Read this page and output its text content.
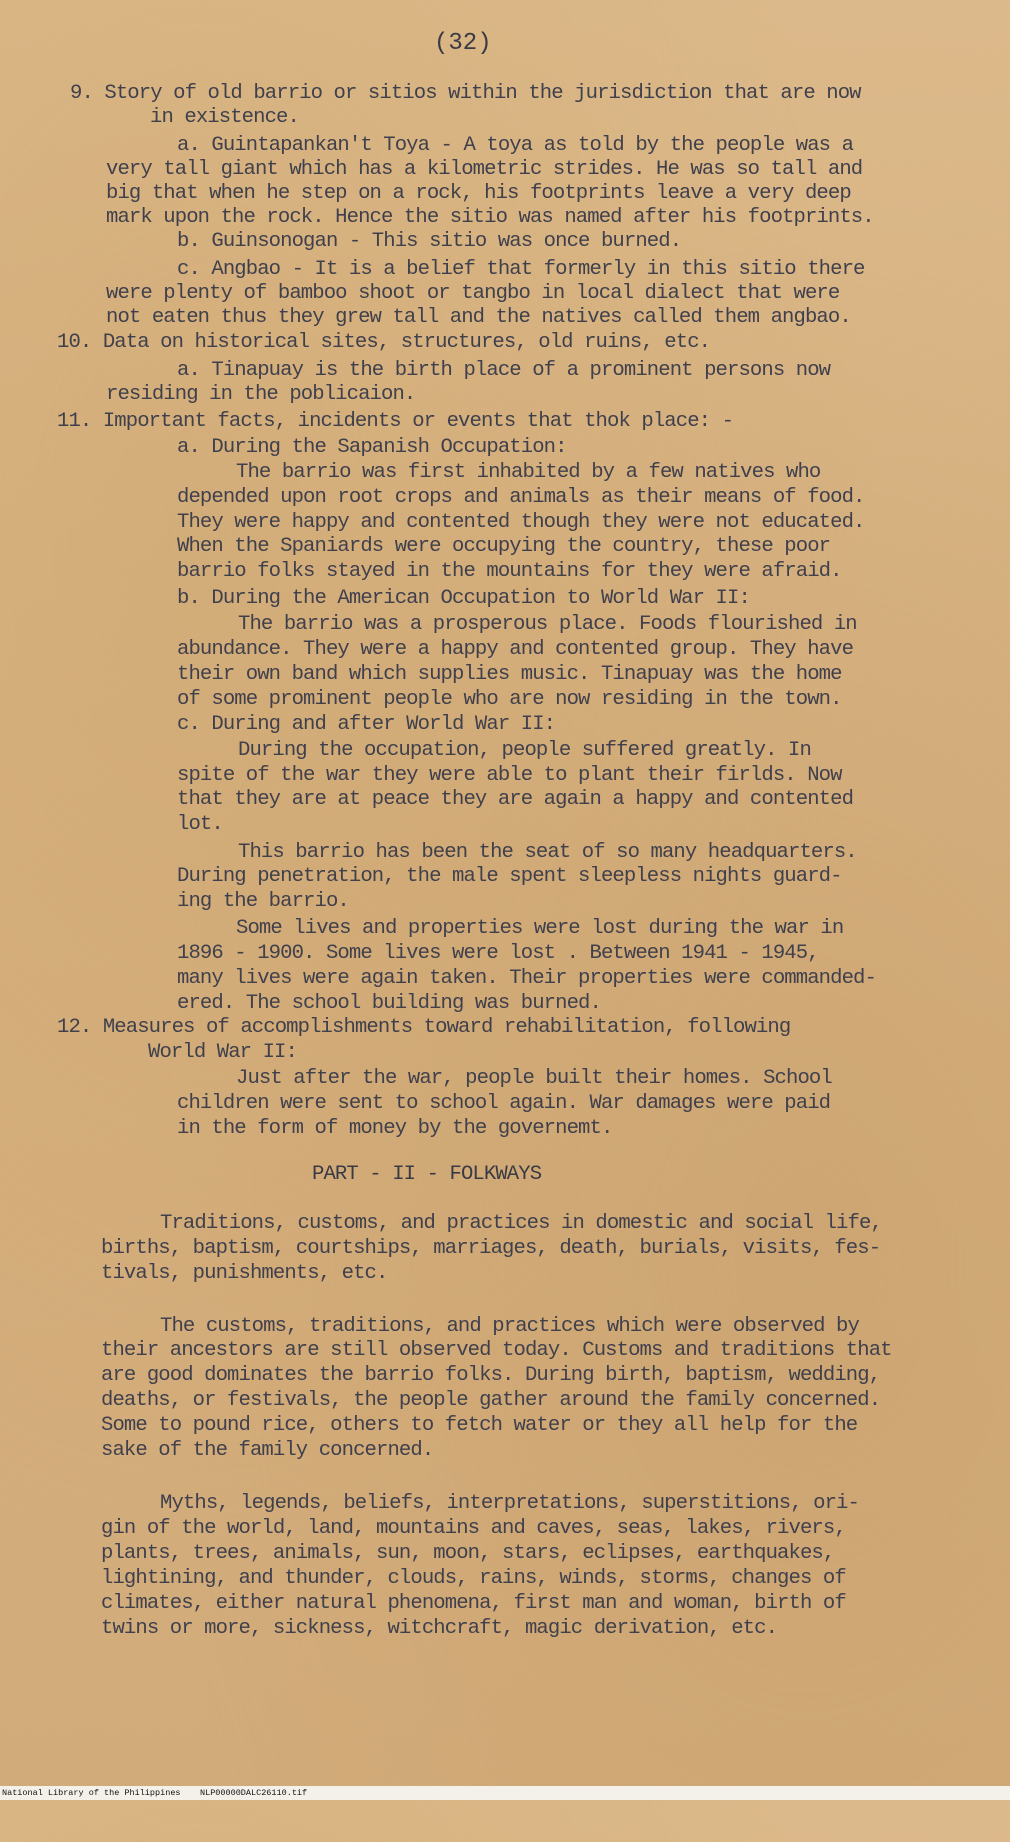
(32)
9. Story of old barrio or sitios within the jurisdiction that are now
in existence.
a. Guintapankan't Toya - A toya as told by the people was a
very tall giant which has a kilometric strides. He was so tall and
big that when he step on a rock, his footprints leave a very deep
mark upon the rock. Hence the sitio was named after his footprints.
b. Guinsonogan - This sitio was once burned.
c. Angbao - It is a belief that formerly in this sitio there
were plenty of bamboo shoot or tangbo in local dialect that were
not eaten thus they grew tall and the natives called them angbao.
10. Data on historical sites, structures, old ruins, etc.
a. Tinapuay is the birth place of a prominent persons now
residing in the poblicaion.
11. Important facts, incidents or events that thok place: -
a. During the Sapanish Occupation:
The barrio was first inhabited by a few natives who
depended upon root crops and animals as their means of food.
They were happy and contented though they were not educated.
When the Spaniards were occupying the country, these poor
barrio folks stayed in the mountains for they were afraid.
b. During the American Occupation to World War II:
The barrio was a prosperous place. Foods flourished in
abundance. They were a happy and contented group. They have
their own band which supplies music. Tinapuay was the home
of some prominent people who are now residing in the town.
c. During and after World War II:
During the occupation, people suffered greatly. In
spite of the war they were able to plant their firlds. Now
that they are at peace they are again a happy and contented
lot.
This barrio has been the seat of so many headquarters.
During penetration, the male spent sleepless nights guard-
ing the barrio.
Some lives and properties were lost during the war in
1896 - 1900. Some lives were lost . Between 1941 - 1945,
many lives were again taken. Their properties were commanded-
ered. The school building was burned.
12. Measures of accomplishments toward rehabilitation, following
World War II:
Just after the war, people built their homes. School
children were sent to school again. War damages were paid
in the form of money by the governemt.
PART - II - FOLKWAYS
Traditions, customs, and practices in domestic and social life,
births, baptism, courtships, marriages, death, burials, visits, fes-
tivals, punishments, etc.
The customs, traditions, and practices which were observed by
their ancestors are still observed today. Customs and traditions that
are good dominates the barrio folks. During birth, baptism, wedding,
deaths, or festivals, the people gather around the family concerned.
Some to pound rice, others to fetch water or they all help for the
sake of the family concerned.
Myths, legends, beliefs, interpretations, superstitions, ori-
gin of the world, land, mountains and caves, seas, lakes, rivers,
plants, trees, animals, sun, moon, stars, eclipses, earthquakes,
lightining, and thunder, clouds, rains, winds, storms, changes of
climates, either natural phenomena, first man and woman, birth of
twins or more, sickness, witchcraft, magic derivation, etc.

National Library of the Philippines

NLP00000DALC26110.tif
